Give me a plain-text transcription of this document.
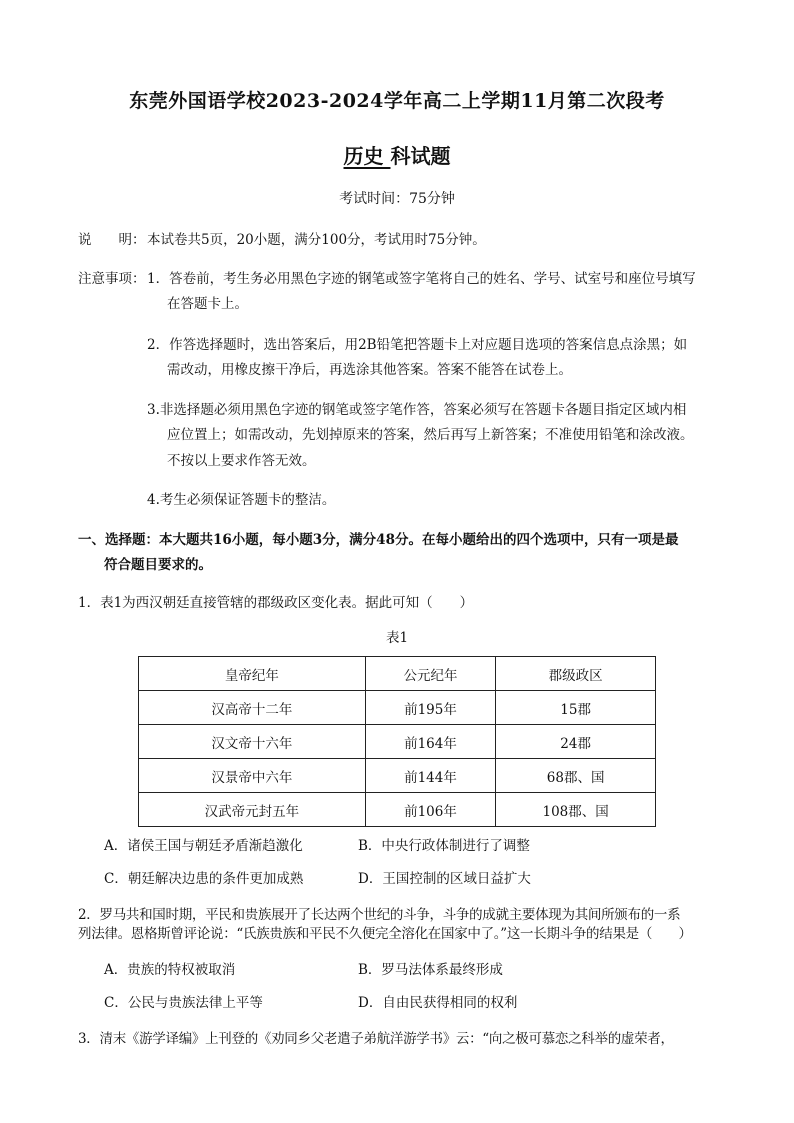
东莞外国语学校2023-2024学年高二上学期11月第二次段考
历史 科试题
考试时间：75分钟
说　　明： 本试卷共5页，20小题，满分100分，考试用时75分钟。
注意事项： 1．答卷前，考生务必用黑色字迹的钢笔或签字笔将自己的姓名、学号、试室号和座位号填写
在答题卡上。
2．作答选择题时，选出答案后，用2B铅笔把答题卡上对应题目选项的答案信息点涂黑；如
需改动，用橡皮擦干净后，再选涂其他答案。答案不能答在试卷上。
3.非选择题必须用黑色字迹的钢笔或签字笔作答，答案必须写在答题卡各题目指定区域内相
应位置上；如需改动，先划掉原来的答案，然后再写上新答案；不准使用铅笔和涂改液。
不按以上要求作答无效。
4.考生必须保证答题卡的整洁。
一、选择题：本大题共16小题，每小题3分，满分48分。在每小题给出的四个选项中，只有一项是最
符合题目要求的。
1．表1为西汉朝廷直接管辖的郡级政区变化表。据此可知（　　）
表1
皇帝纪年	公元纪年	郡级政区
汉高帝十二年	前195年	15郡
汉文帝十六年	前164年	24郡
汉景帝中六年	前144年	68郡、国
汉武帝元封五年	前106年	108郡、国
A．诸侯王国与朝廷矛盾渐趋激化	B．中央行政体制进行了调整
C．朝廷解决边患的条件更加成熟	D．王国控制的区域日益扩大
2．罗马共和国时期，平民和贵族展开了长达两个世纪的斗争，斗争的成就主要体现为其间所颁布的一系
列法律。恩格斯曾评论说：“氏族贵族和平民不久便完全溶化在国家中了。”这一长期斗争的结果是（　　）
A．贵族的特权被取消	B．罗马法体系最终形成
C．公民与贵族法律上平等	D．自由民获得相同的权利
3．清末《游学译编》上刊登的《劝同乡父老遣子弟航洋游学书》云：“向之极可慕恋之科举的虚荣者，
